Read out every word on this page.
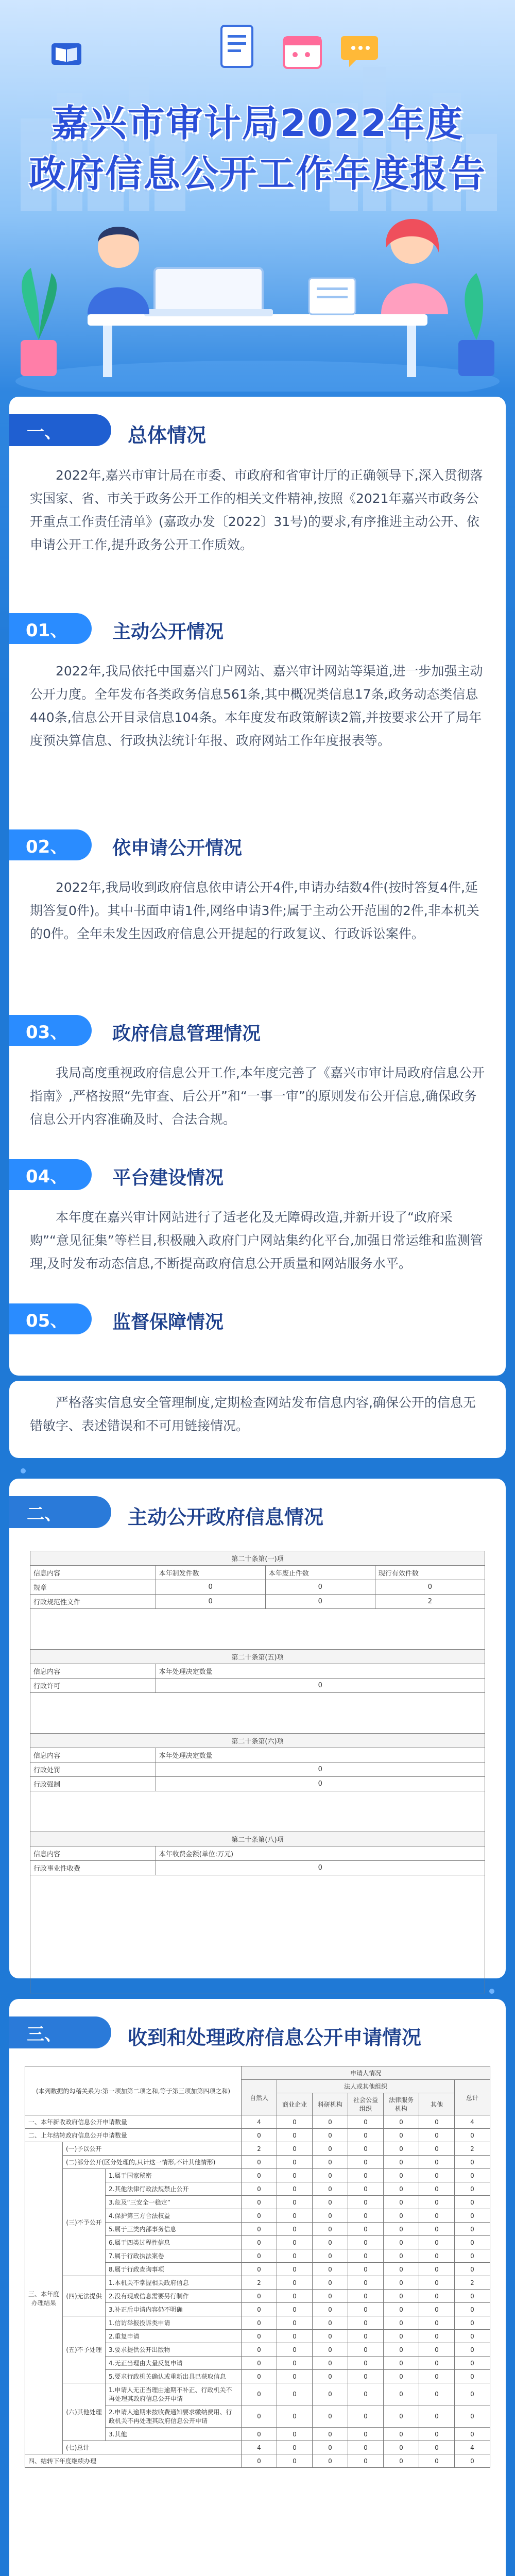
嘉兴市审计局2022年度
政府信息公开工作年度报告
一、	总体情况
2022年,嘉兴市审计局在市委、市政府和省审计厅的正确领导下,深入贯彻落实国家、省、市关于政务公开工作的相关文件精神,按照《2021年嘉兴市政务公开重点工作责任清单》(嘉政办发〔2022〕31号)的要求,有序推进主动公开、依申请公开工作,提升政务公开工作质效。
01、	主动公开情况
2022年,我局依托中国嘉兴门户网站、嘉兴审计网站等渠道,进一步加强主动公开力度。全年发布各类政务信息561条,其中概况类信息17条,政务动态类信息440条,信息公开目录信息104条。本年度发布政策解读2篇,并按要求公开了局年度预决算信息、行政执法统计年报、政府网站工作年度报表等。
02、	依申请公开情况
2022年,我局收到政府信息依申请公开4件,申请办结数4件(按时答复4件,延期答复0件)。其中书面申请1件,网络申请3件;属于主动公开范围的2件,非本机关的0件。全年未发生因政府信息公开提起的行政复议、行政诉讼案件。
03、	政府信息管理情况
我局高度重视政府信息公开工作,本年度完善了《嘉兴市审计局政府信息公开指南》,严格按照“先审查、后公开”和“一事一审”的原则发布公开信息,确保政务信息公开内容准确及时、合法合规。
04、	平台建设情况
本年度在嘉兴审计网站进行了适老化及无障碍改造,并新开设了“政府采购”“意见征集”等栏目,积极融入政府门户网站集约化平台,加强日常运维和监测管理,及时发布动态信息,不断提高政府信息公开质量和网站服务水平。
05、	监督保障情况
严格落实信息安全管理制度,定期检查网站发布信息内容,确保公开的信息无错敏字、表述错误和不可用链接情况。
二、	主动公开政府信息情况
第二十条第(一)项			
信息内容	本年制发件数	本年废止件数	现行有效件数
规章	0	0	0
行政规范性文件	0	0	2

第二十条第(五)项			
信息内容	本年处理决定数量		
行政许可	0		

第二十条第(六)项			
信息内容	本年处理决定数量		
行政处罚	0		
行政强制	0		

第二十条第(八)项			
信息内容	本年收费金额(单位:万元)		
行政事业性收费	0		

三、	收到和处理政府信息公开申请情况
(本列数据的勾稽关系为:第一项加第二项之和,等于第三项加第四项之和)			申请人情况						
			自然人	法人或其他组织					总计
				商业企业	科研机构	社会公益组织	法律服务机构	其他	
一、本年新收政府信息公开申请数量			4	0	0	0	0	0	4
二、上年结转政府信息公开申请数量			0	0	0	0	0	0	0
三、本年度办理结果	(一)予以公开		2	0	0	0	0	0	2
	(二)部分公开(区分处理的,只计这一情形,不计其他情形)		0	0	0	0	0	0	0
	(三)不予公开	1.属于国家秘密	0	0	0	0	0	0	0
		2.其他法律行政法规禁止公开	0	0	0	0	0	0	0
		3.危及“三安全一稳定”	0	0	0	0	0	0	0
		4.保护第三方合法权益	0	0	0	0	0	0	0
		5.属于三类内部事务信息	0	0	0	0	0	0	0
		6.属于四类过程性信息	0	0	0	0	0	0	0
		7.属于行政执法案卷	0	0	0	0	0	0	0
		8.属于行政查询事项	0	0	0	0	0	0	0
	(四)无法提供	1.本机关不掌握相关政府信息	2	0	0	0	0	0	2
		2.没有现成信息需要另行制作	0	0	0	0	0	0	0
		3.补正后申请内容仍不明确	0	0	0	0	0	0	0
	(五)不予处理	1.信访举报投诉类申请	0	0	0	0	0	0	0
		2.重复申请	0	0	0	0	0	0	0
		3.要求提供公开出版物	0	0	0	0	0	0	0
		4.无正当理由大量反复申请	0	0	0	0	0	0	0
		5.要求行政机关确认或重新出具已获取信息	0	0	0	0	0	0	0
	(六)其他处理	1.申请人无正当理由逾期不补正、行政机关不再处理其政府信息公开申请	0	0	0	0	0	0	0
		2.申请人逾期未按收费通知要求缴纳费用、行政机关不再处理其政府信息公开申请	0	0	0	0	0	0	0
		3.其他	0	0	0	0	0	0	0
	(七)总计		4	0	0	0	0	0	4
四、结转下年度继续办理			0	0	0	0	0	0	0
